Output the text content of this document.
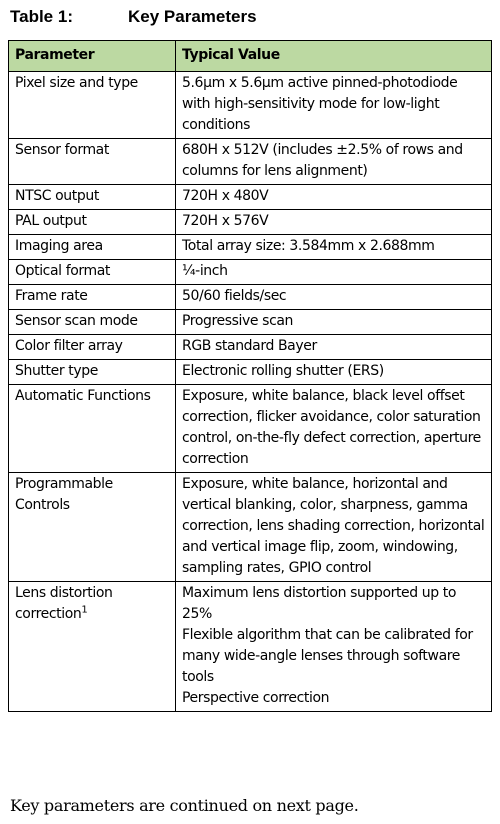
Table 1:	Key Parameters
Parameter	Typical Value
Pixel size and type	5.6µm x 5.6µm active pinned-photodiode with high-sensitivity mode for low-light conditions
Sensor format	680H x 512V (includes ±2.5% of rows and columns for lens alignment)
NTSC output	720H x 480V
PAL output	720H x 576V
Imaging area	Total array size: 3.584mm x 2.688mm
Optical format	¼-inch
Frame rate	50/60 fields/sec
Sensor scan mode	Progressive scan
Color filter array	RGB standard Bayer
Shutter type	Electronic rolling shutter (ERS)
Automatic Functions	Exposure, white balance, black level offset correction, flicker avoidance, color saturation control, on-the-fly defect correction, aperture correction
Programmable Controls	Exposure, white balance, horizontal and vertical blanking, color, sharpness, gamma correction, lens shading correction, horizontal and vertical image flip, zoom, windowing, sampling rates, GPIO control
Lens distortion correction$^1$	Maximum lens distortion supported up to 25%
Flexible algorithm that can be calibrated for many wide-angle lenses through software tools
Perspective correction
Key parameters are continued on next page.
